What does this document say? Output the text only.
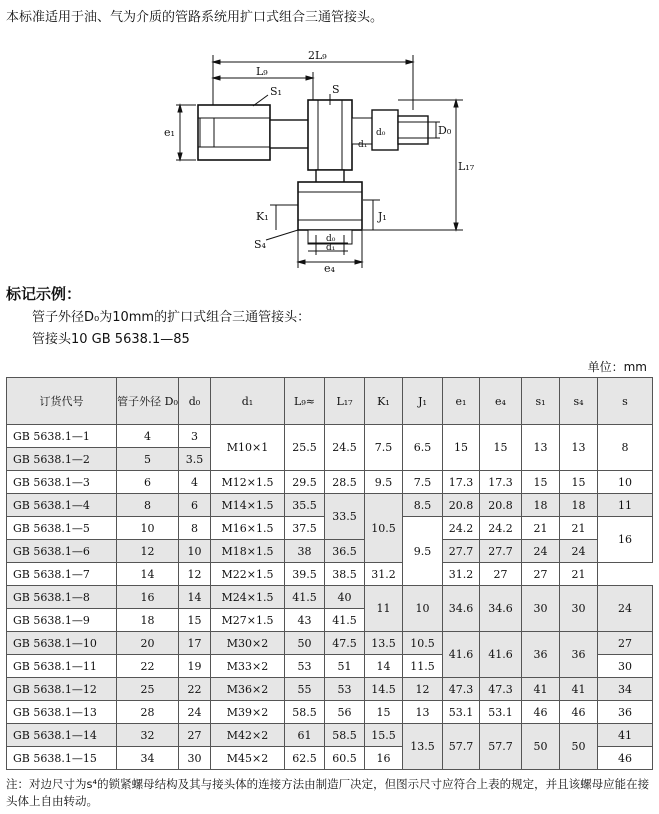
本标准适用于油、气为介质的管路系统用扩口式组合三通管接头。
2L₉
L₉
S₁	S
e₁
d₁
d₀	D₀
L₁₇
K₁	J₁
S₄	d₀
d₁
e₄
标记示例：
管子外径D₀为10mm的扩口式组合三通管接头：
管接头10 GB 5638.1—85
单位：mm
订货代号	管子外径 D₀	d₀	d₁	L₉≈	L₁₇	K₁	J₁	e₁	e₄	s₁	s₄	s
GB 5638.1—1	4	3	M10×1	25.5	24.5	7.5	6.5	15	15	13	13	8
GB 5638.1—2	5	3.5										
GB 5638.1—3	6	4	M12×1.5	29.5	28.5	9.5	7.5	17.3	17.3	15	15	10
GB 5638.1—4	8	6	M14×1.5	35.5	33.5	10.5	8.5	20.8	20.8	18	18	11
GB 5638.1—5	10	8	M16×1.5	37.5			9.5	24.2	24.2	21	21	16
GB 5638.1—6	12	10	M18×1.5	38	36.5			27.7	27.7	24	24	
GB 5638.1—7	14	12	M22×1.5	39.5	38.5	31.2		31.2	27	27	21	
GB 5638.1—8	16	14	M24×1.5	41.5	40	11	10	34.6	34.6	30	30	24
GB 5638.1—9	18	15	M27×1.5	43	41.5							
GB 5638.1—10	20	17	M30×2	50	47.5	13.5	10.5	41.6	41.6	36	36	27
GB 5638.1—11	22	19	M33×2	53	51	14	11.5					30
GB 5638.1—12	25	22	M36×2	55	53	14.5	12	47.3	47.3	41	41	34
GB 5638.1—13	28	24	M39×2	58.5	56	15	13	53.1	53.1	46	46	36
GB 5638.1—14	32	27	M42×2	61	58.5	15.5	13.5	57.7	57.7	50	50	41
GB 5638.1—15	34	30	M45×2	62.5	60.5	16						46
注：对边尺寸为s⁴的锁紧螺母结构及其与接头体的连接方法由制造厂决定，但图示尺寸应符合上表的规定，并且该螺母应能在接头体上自由转动。
